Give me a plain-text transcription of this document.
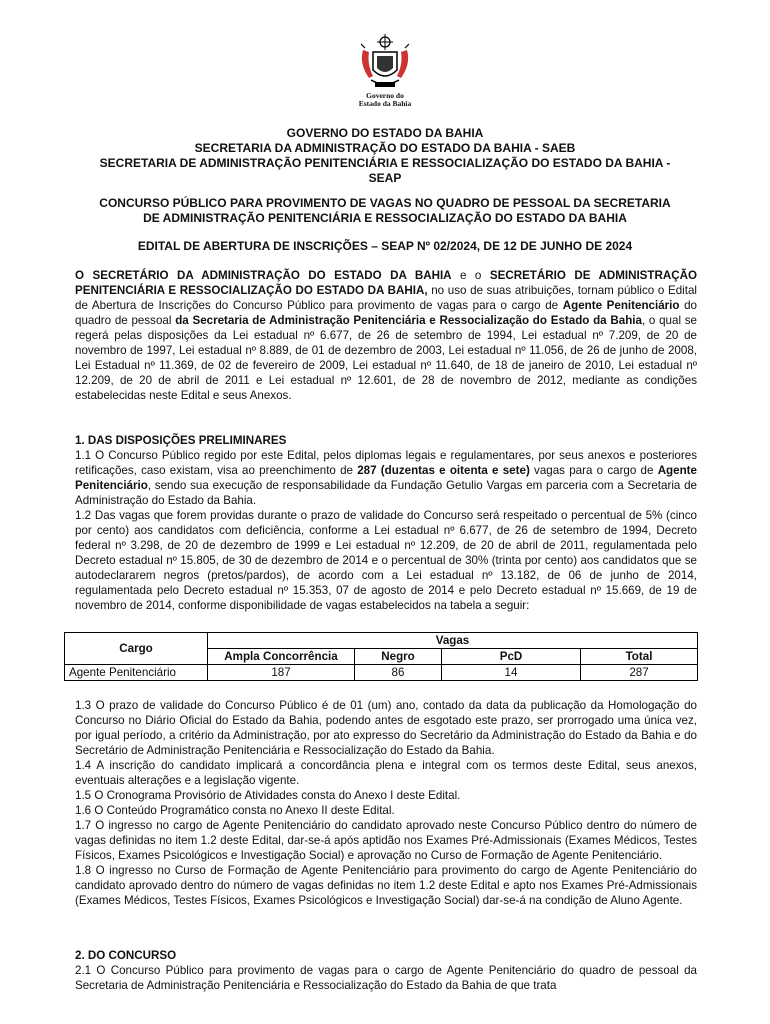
Governo do
Estado da Bahia
GOVERNO DO ESTADO DA BAHIA
SECRETARIA DA ADMINISTRAÇÃO DO ESTADO DA BAHIA - SAEB
SECRETARIA DE ADMINISTRAÇÃO PENITENCIÁRIA E RESSOCIALIZAÇÃO DO ESTADO DA BAHIA -
SEAP
CONCURSO PÚBLICO PARA PROVIMENTO DE VAGAS NO QUADRO DE PESSOAL DA SECRETARIA
DE ADMINISTRAÇÃO PENITENCIÁRIA E RESSOCIALIZAÇÃO DO ESTADO DA BAHIA
EDITAL DE ABERTURA DE INSCRIÇÕES – SEAP Nº 02/2024, DE 12 DE JUNHO DE 2024

O SECRETÁRIO DA ADMINISTRAÇÃO DO ESTADO DA BAHIA e o SECRETÁRIO DE ADMINISTRAÇÃO PENITENCIÁRIA E RESSOCIALIZAÇÃO DO ESTADO DA BAHIA, no uso de suas atribuições, tornam público o Edital de Abertura de Inscrições do Concurso Público para provimento de vagas para o cargo de Agente Penitenciário do quadro de pessoal da Secretaria de Administração Penitenciária e Ressocialização do Estado da Bahia, o qual se regerá pelas disposições da Lei estadual nº 6.677, de 26 de setembro de 1994, Lei estadual nº 7.209, de 20 de novembro de 1997, Lei estadual nº 8.889, de 01 de dezembro de 2003, Lei estadual nº 11.056, de 26 de junho de 2008, Lei Estadual nº 11.369, de 02 de fevereiro de 2009, Lei estadual nº 11.640, de 18 de janeiro de 2010, Lei estadual nº 12.209, de 20 de abril de 2011 e Lei estadual nº 12.601, de 28 de novembro de 2012, mediante as condições estabelecidas neste Edital e seus Anexos.

1. DAS DISPOSIÇÕES PRELIMINARES

1.1 O Concurso Público regido por este Edital, pelos diplomas legais e regulamentares, por seus anexos e posteriores retificações, caso existam, visa ao preenchimento de 287 (duzentas e oitenta e sete) vagas para o cargo de Agente Penitenciário, sendo sua execução de responsabilidade da Fundação Getulio Vargas em parceria com a Secretaria de Administração do Estado da Bahia.

1.2 Das vagas que forem providas durante o prazo de validade do Concurso será respeitado o percentual de 5% (cinco por cento) aos candidatos com deficiência, conforme a Lei estadual nº 6.677, de 26 de setembro de 1994, Decreto federal nº 3.298, de 20 de dezembro de 1999 e Lei estadual nº 12.209, de 20 de abril de 2011, regulamentada pelo Decreto estadual nº 15.805, de 30 de dezembro de 2014 e o percentual de 30% (trinta por cento) aos candidatos que se autodeclararem negros (pretos/pardos), de acordo com a Lei estadual nº 13.182, de 06 de junho de 2014, regulamentada pelo Decreto estadual nº 15.353, 07 de agosto de 2014 e pelo Decreto estadual nº 15.669, de 19 de novembro de 2014, conforme disponibilidade de vagas estabelecidos na tabela a seguir:

Cargo	Vagas			
	Ampla Concorrência	Negro	PcD	Total
Agente Penitenciário	187	86	14	287

1.3 O prazo de validade do Concurso Público é de 01 (um) ano, contado da data da publicação da Homologação do Concurso no Diário Oficial do Estado da Bahia, podendo antes de esgotado este prazo, ser prorrogado uma única vez, por igual período, a critério da Administração, por ato expresso do Secretário da Administração do Estado da Bahia e do Secretário de Administração Penitenciária e Ressocialização do Estado da Bahia.

1.4 A inscrição do candidato implicará a concordância plena e integral com os termos deste Edital, seus anexos, eventuais alterações e a legislação vigente.

1.5 O Cronograma Provisório de Atividades consta do Anexo I deste Edital.

1.6 O Conteúdo Programático consta no Anexo II deste Edital.

1.7 O ingresso no cargo de Agente Penitenciário do candidato aprovado neste Concurso Público dentro do número de vagas definidas no item 1.2 deste Edital, dar-se-á após aptidão nos Exames Pré-Admissionais (Exames Médicos, Testes Físicos, Exames Psicológicos e Investigação Social) e aprovação no Curso de Formação de Agente Penitenciário.

1.8 O ingresso no Curso de Formação de Agente Penitenciário para provimento do cargo de Agente Penitenciário do candidato aprovado dentro do número de vagas definidas no item 1.2 deste Edital e apto nos Exames Pré-Admissionais (Exames Médicos, Testes Físicos, Exames Psicológicos e Investigação Social) dar-se-á na condição de Aluno Agente.

2. DO CONCURSO

2.1 O Concurso Público para provimento de vagas para o cargo de Agente Penitenciário do quadro de pessoal da Secretaria de Administração Penitenciária e Ressocialização do Estado da Bahia de que trata
